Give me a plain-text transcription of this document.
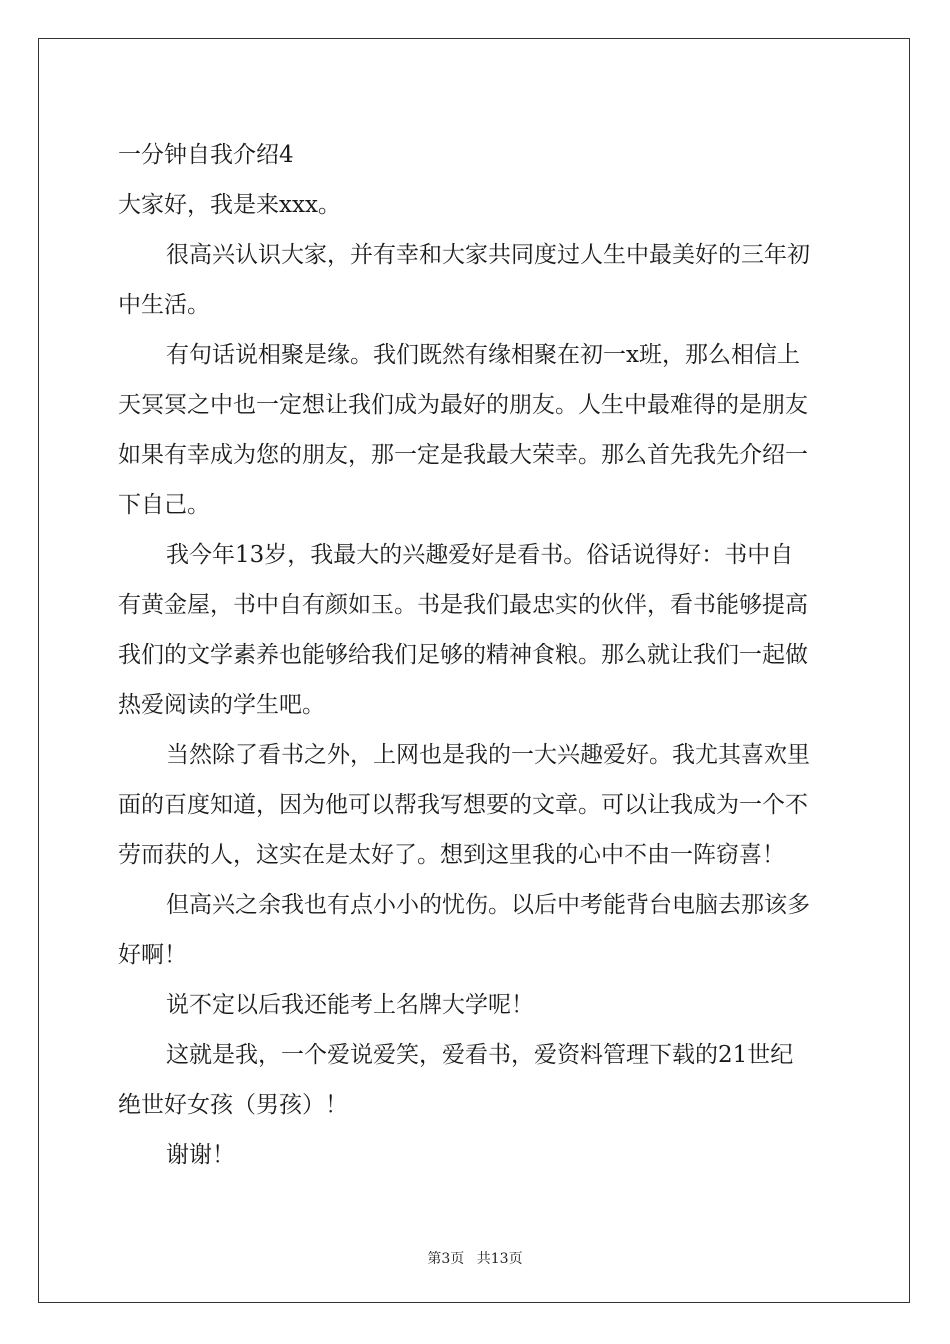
一分钟自我介绍4

大家好，我是来xxx。

很高兴认识大家，并有幸和大家共同度过人生中最美好的三年初

中生活。

有句话说相聚是缘。我们既然有缘相聚在初一x班，那么相信上

天冥冥之中也一定想让我们成为最好的朋友。人生中最难得的是朋友

如果有幸成为您的朋友，那一定是我最大荣幸。那么首先我先介绍一

下自己。

我今年13岁，我最大的兴趣爱好是看书。俗话说得好：书中自

有黄金屋，书中自有颜如玉。书是我们最忠实的伙伴，看书能够提高

我们的文学素养也能够给我们足够的精神食粮。那么就让我们一起做

热爱阅读的学生吧。

当然除了看书之外，上网也是我的一大兴趣爱好。我尤其喜欢里

面的百度知道，因为他可以帮我写想要的文章。可以让我成为一个不

劳而获的人，这实在是太好了。想到这里我的心中不由一阵窃喜！

但高兴之余我也有点小小的忧伤。以后中考能背台电脑去那该多

好啊！

说不定以后我还能考上名牌大学呢！

这就是我，一个爱说爱笑，爱看书，爱资料管理下载的21世纪

绝世好女孩（男孩）！

谢谢！

第3页 共13页
